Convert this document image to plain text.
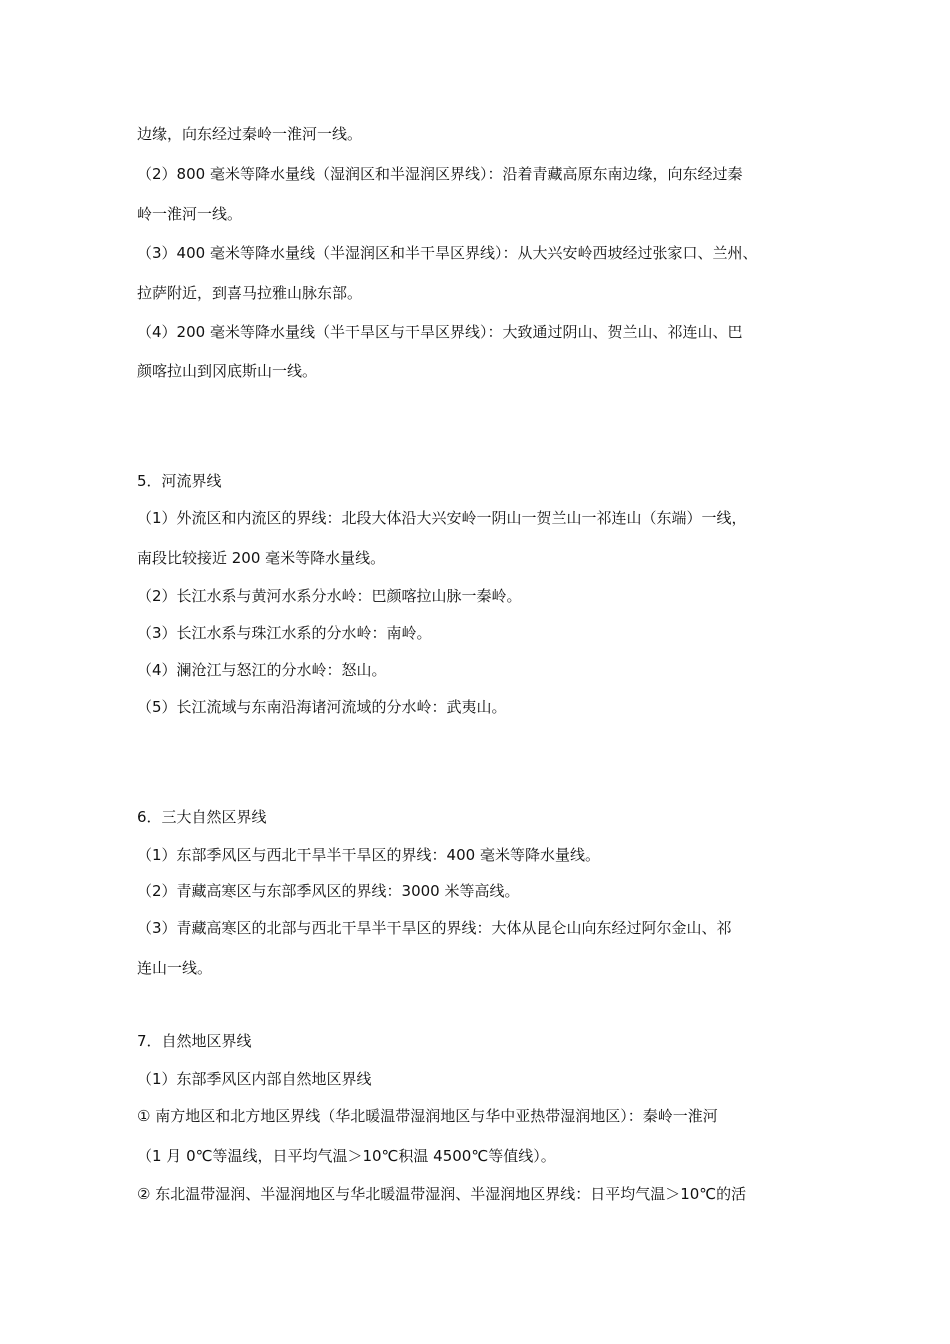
边缘，向东经过秦岭一淮河一线。

（2）800 毫米等降水量线（湿润区和半湿润区界线）：沿着青藏高原东南边缘，向东经过秦

岭一淮河一线。

（3）400 毫米等降水量线（半湿润区和半干旱区界线）：从大兴安岭西坡经过张家口、兰州、

拉萨附近，到喜马拉雅山脉东部。

（4）200 毫米等降水量线（半干旱区与干旱区界线）：大致通过阴山、贺兰山、祁连山、巴

颜喀拉山到冈底斯山一线。

5．河流界线

（1）外流区和内流区的界线：北段大体沿大兴安岭一阴山一贺兰山一祁连山（东端）一线，

南段比较接近 200 毫米等降水量线。

（2）长江水系与黄河水系分水岭：巴颜喀拉山脉一秦岭。

（3）长江水系与珠江水系的分水岭：南岭。

（4）澜沧江与怒江的分水岭：怒山。

（5）长江流域与东南沿海诸河流域的分水岭：武夷山。

6．三大自然区界线

（1）东部季风区与西北干旱半干旱区的界线：400 毫米等降水量线。

（2）青藏高寒区与东部季风区的界线：3000 米等高线。

（3）青藏高寒区的北部与西北干旱半干旱区的界线：大体从昆仑山向东经过阿尔金山、祁

连山一线。

7．自然地区界线

（1）东部季风区内部自然地区界线

① 南方地区和北方地区界线（华北暖温带湿润地区与华中亚热带湿润地区）：秦岭一淮河

（1 月 0℃等温线，日平均气温＞10℃积温 4500℃等值线）。

② 东北温带湿润、半湿润地区与华北暖温带湿润、半湿润地区界线：日平均气温＞10℃的活
